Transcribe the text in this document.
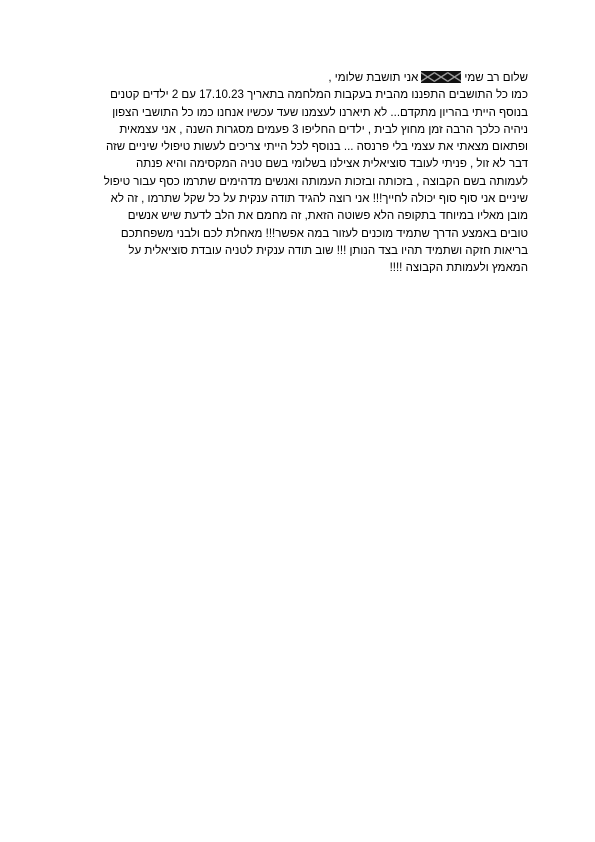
שלום רב שמיאני תושבת שלומי ,
כמו כל התושבים התפננו מהבית בעקבות המלחמה בתאריך 17.10.23 עם 2 ילדים קטנים
בנוסף הייתי בהריון מתקדם... לא תיארנו לעצמנו שעד עכשיו אנחנו כמו כל התושבי הצפון
ניהיה כלכך הרבה זמן מחוץ לבית , ילדים החליפו 3 פעמים מסגרות השנה , אני עצמאית
ופתאום מצאתי את עצמי בלי פרנסה ... בנוסף לכל הייתי צריכים לעשות טיפולי שיניים שזה
דבר לא זול , פניתי לעובד סוציאלית אצילנו בשלומי בשם טניה המקסימה והיא פנתה
לעמותה בשם הקבוצה , בזכותה ובזכות העמותה ואנשים מדהימים שתרמו כסף עבור טיפול
שיניים אני סוף סוף יכולה לחייך!!! אני רוצה להגיד תודה ענקית על כל שקל שתרמו , זה לא
מובן מאליו במיוחד בתקופה הלא פשוטה הזאת, זה מחמם את הלב לדעת שיש אנשים
טובים באמצע הדרך שתמיד מוכנים לעזור במה אפשר!!! מאחלת לכם ולבני משפחתכם
בריאות חזקה ושתמיד תהיו בצד הנותן !!! שוב תודה ענקית לטניה עובדת סוציאלית על
המאמץ ולעמותת הקבוצה !!!!
